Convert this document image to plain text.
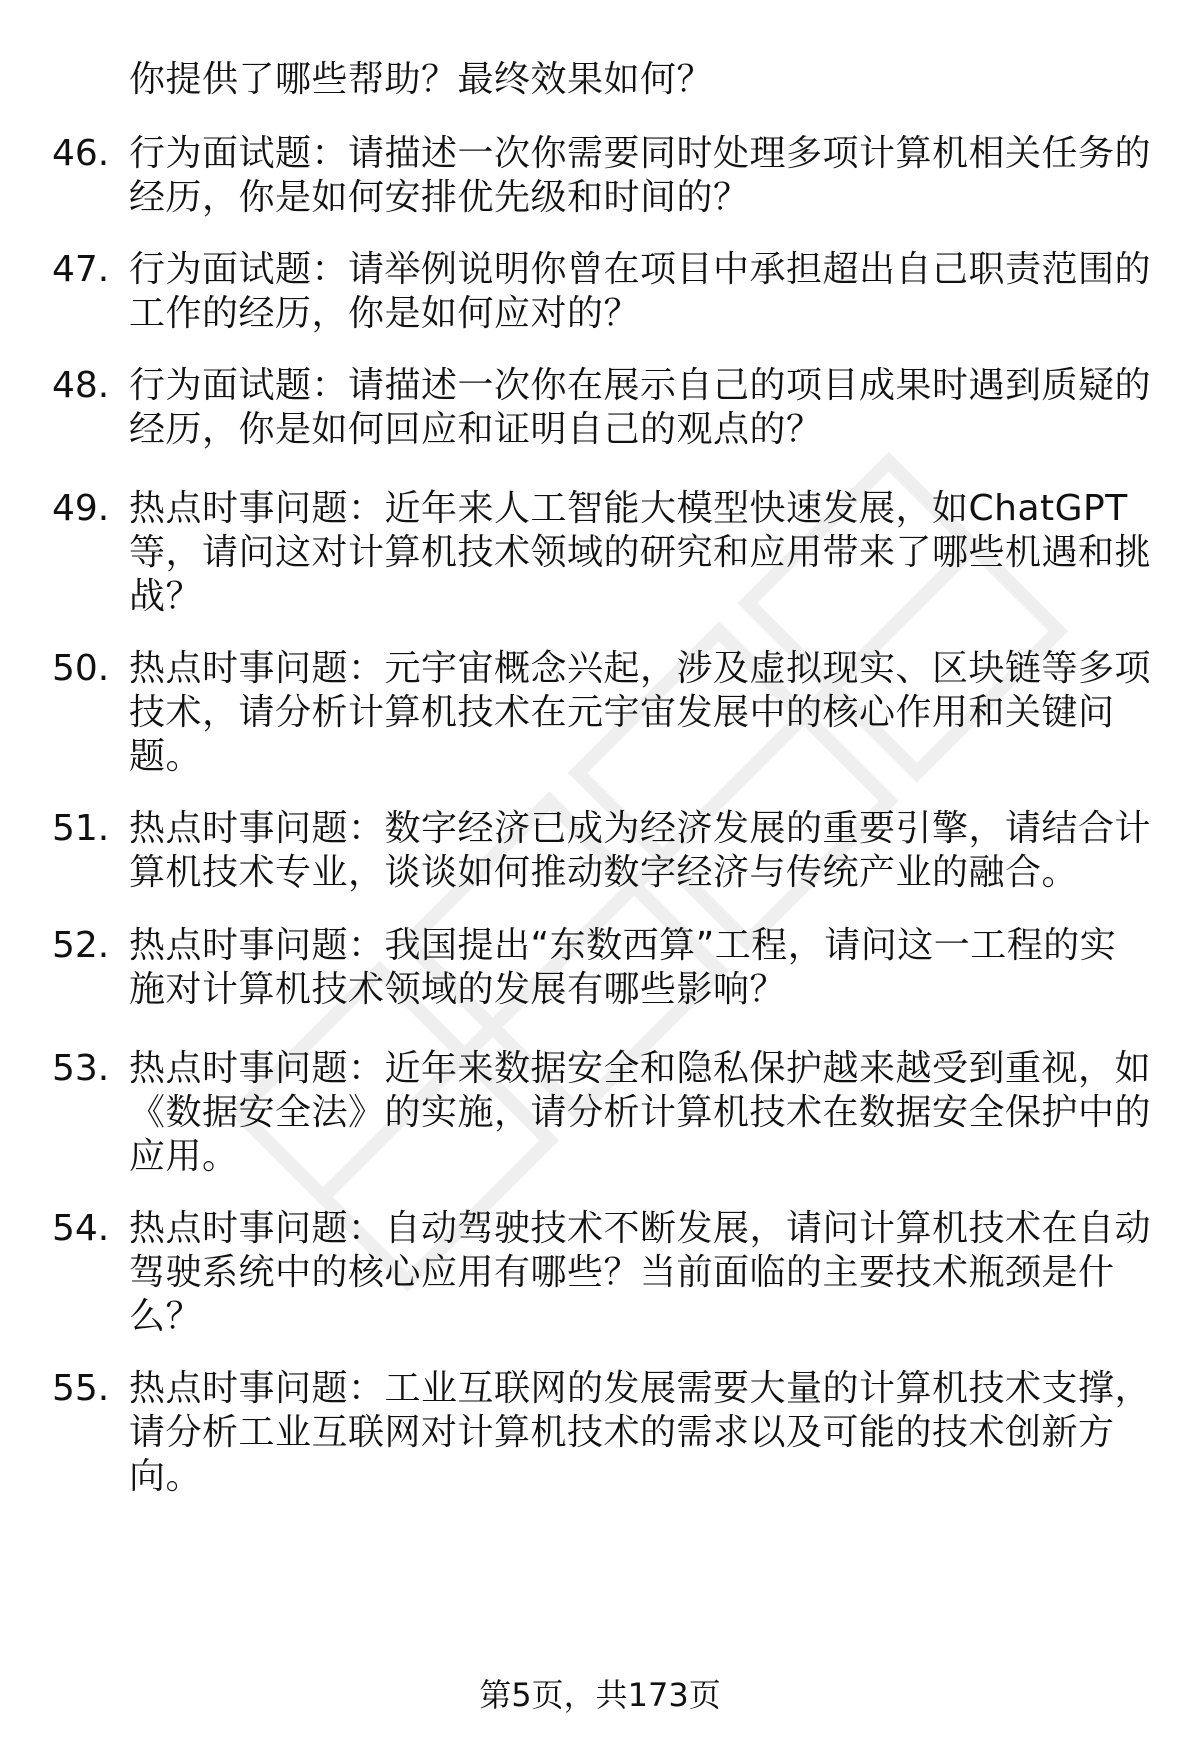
你提供了哪些帮助？最终效果如何？
46. 行为面试题：请描述一次你需要同时处理多项计算机相关任务的
经历，你是如何安排优先级和时间的？
47. 行为面试题：请举例说明你曾在项目中承担超出自己职责范围的
工作的经历，你是如何应对的？
48. 行为面试题：请描述一次你在展示自己的项目成果时遇到质疑的
经历，你是如何回应和证明自己的观点的？
49. 热点时事问题：近年来人工智能大模型快速发展，如ChatGPT
等，请问这对计算机技术领域的研究和应用带来了哪些机遇和挑
战？
50. 热点时事问题：元宇宙概念兴起，涉及虚拟现实、区块链等多项
技术，请分析计算机技术在元宇宙发展中的核心作用和关键问
题。
51. 热点时事问题：数字经济已成为经济发展的重要引擎，请结合计
算机技术专业，谈谈如何推动数字经济与传统产业的融合。
52. 热点时事问题：我国提出“东数西算”工程，请问这一工程的实
施对计算机技术领域的发展有哪些影响？
53. 热点时事问题：近年来数据安全和隐私保护越来越受到重视，如
《数据安全法》的实施，请分析计算机技术在数据安全保护中的
应用。
54. 热点时事问题：自动驾驶技术不断发展，请问计算机技术在自动
驾驶系统中的核心应用有哪些？当前面临的主要技术瓶颈是什
么？
55. 热点时事问题：工业互联网的发展需要大量的计算机技术支撑，
请分析工业互联网对计算机技术的需求以及可能的技术创新方
向。
第5页，共173页
